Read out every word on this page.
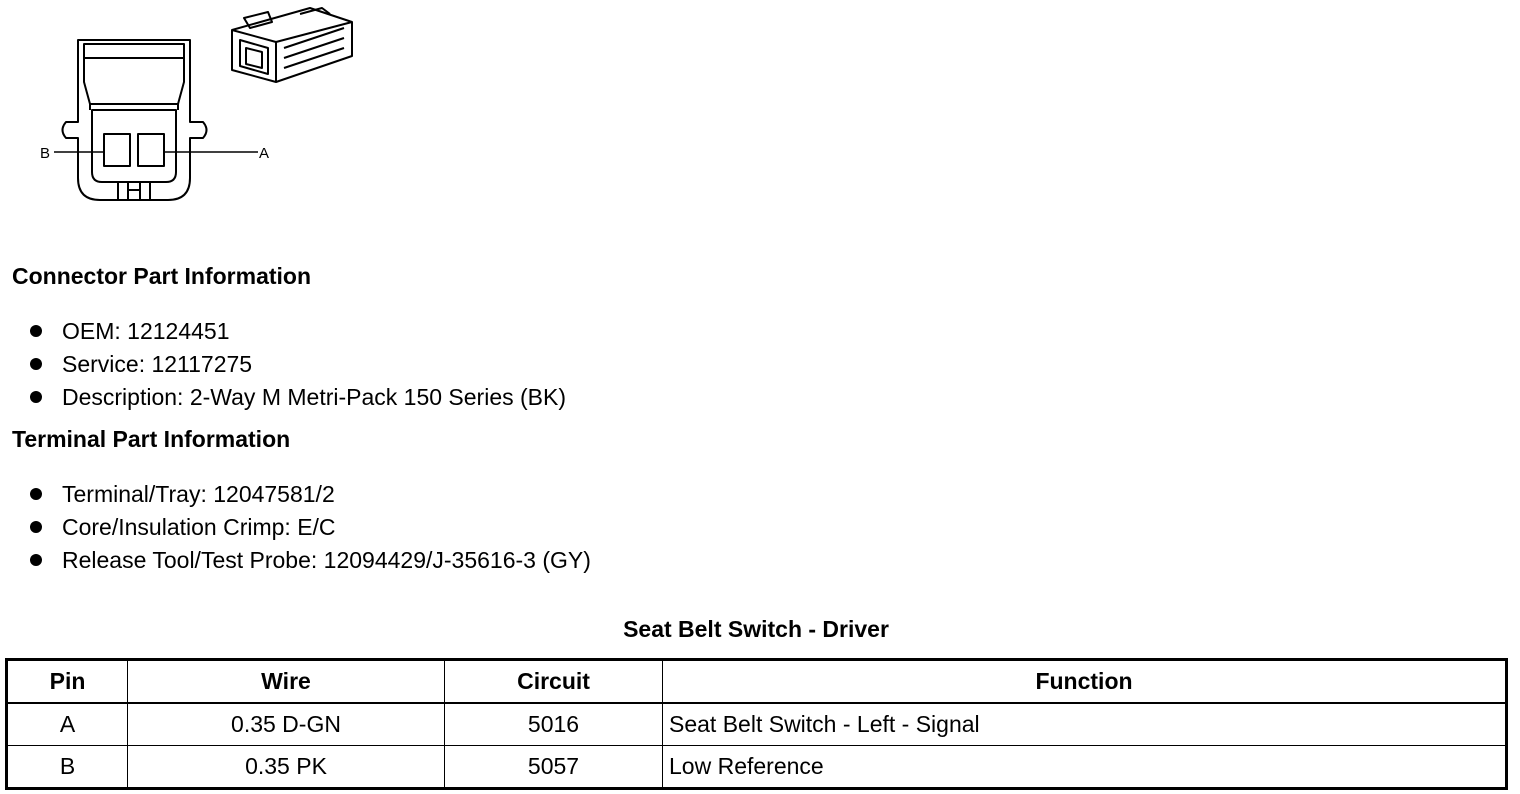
B	A
Connector Part Information
OEM: 12124451
Service: 12117275
Description: 2-Way M Metri-Pack 150 Series (BK)
Terminal Part Information
Terminal/Tray: 12047581/2
Core/Insulation Crimp: E/C
Release Tool/Test Probe: 12094429/J-35616-3 (GY)
Seat Belt Switch - Driver
Pin	Wire	Circuit	Function
A	0.35 D-GN	5016	Seat Belt Switch - Left - Signal
B	0.35 PK	5057	Low Reference
